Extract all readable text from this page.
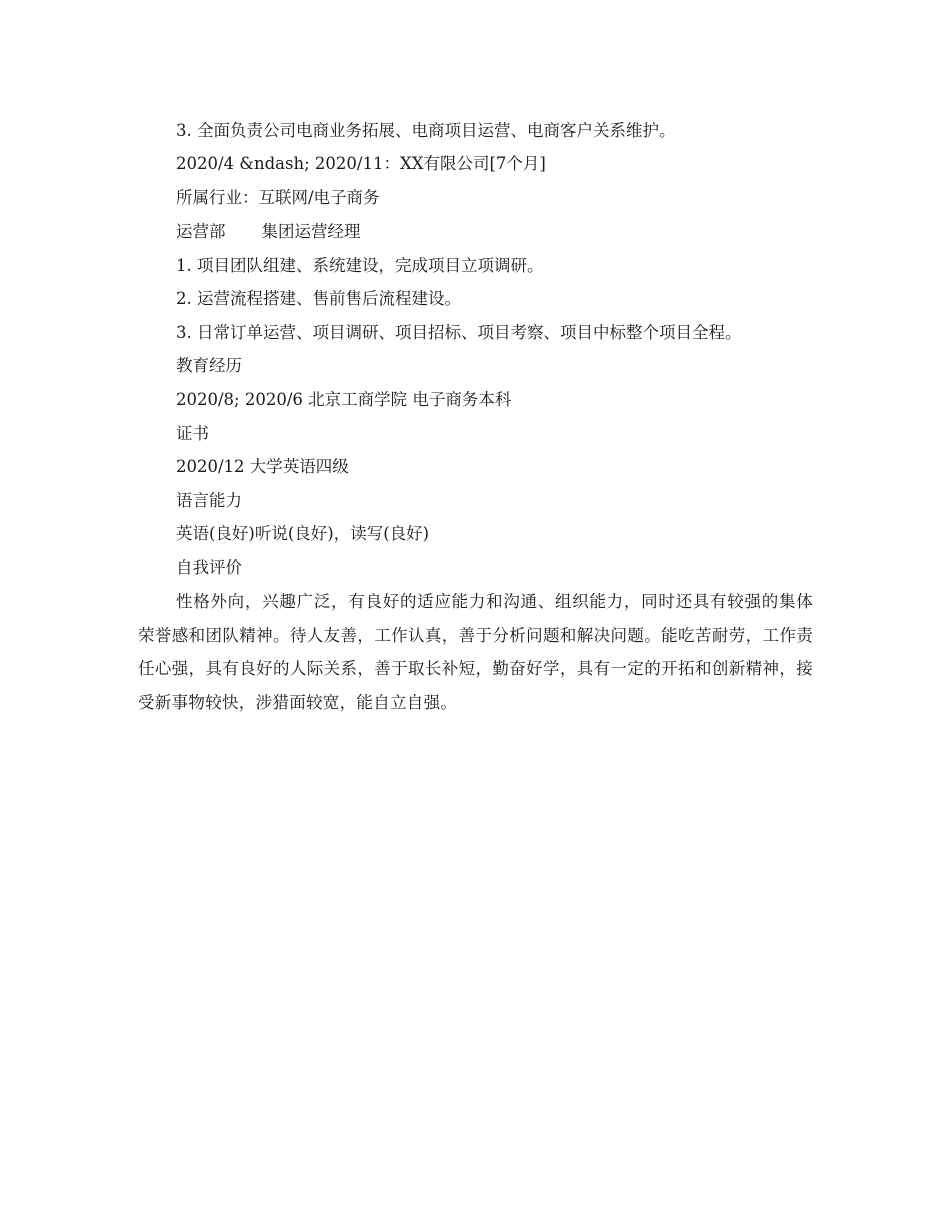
3. 全面负责公司电商业务拓展、电商项目运营、电商客户关系维护。
2020/4 &ndash; 2020/11：XX有限公司[7个月]
所属行业：互联网/电子商务
运营部 集团运营经理
1. 项目团队组建、系统建设，完成项目立项调研。
2. 运营流程搭建、售前售后流程建设。
3. 日常订单运营、项目调研、项目招标、项目考察、项目中标整个项目全程。
教育经历
2020/8; 2020/6 北京工商学院 电子商务本科
证书
2020/12 大学英语四级
语言能力
英语(良好)听说(良好)，读写(良好)
自我评价
性格外向，兴趣广泛，有良好的适应能力和沟通、组织能力，同时还具有较强的集体荣誉感和团队精神。待人友善，工作认真，善于分析问题和解决问题。能吃苦耐劳，工作责任心强，具有良好的人际关系，善于取长补短，勤奋好学，具有一定的开拓和创新精神，接受新事物较快，涉猎面较宽，能自立自强。
